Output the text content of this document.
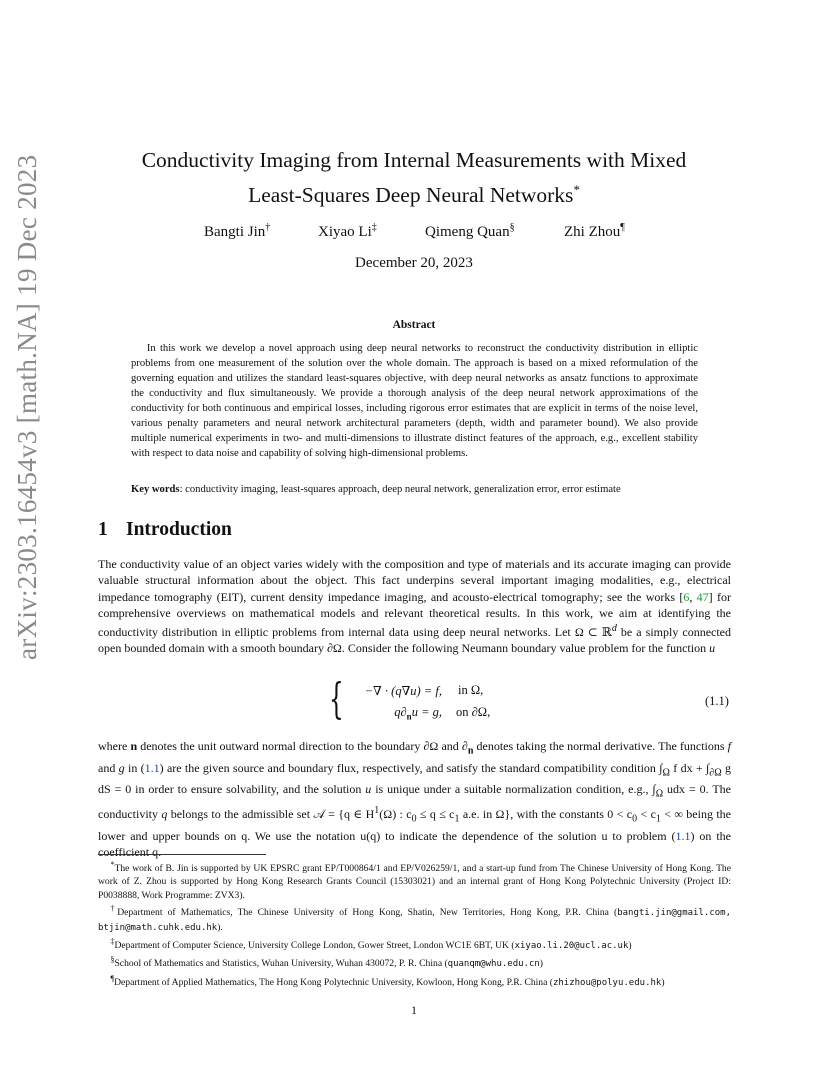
arXiv:2303.16454v3 [math.NA] 19 Dec 2023	Conductivity Imaging from Internal Measurements with Mixed
Least-Squares Deep Neural Networks*
Bangti Jin†	Xiyao Li‡	Qimeng Quan§	Zhi Zhou¶
December 20, 2023
Abstract
In this work we develop a novel approach using deep neural networks to reconstruct the conductivity distribution in elliptic problems from one measurement of the solution over the whole domain. The approach is based on a mixed reformulation of the governing equation and utilizes the standard least-squares objective, with deep neural networks as ansatz functions to approximate the conductivity and flux simultaneously. We provide a thorough analysis of the deep neural network approximations of the conductivity for both continuous and empirical losses, including rigorous error estimates that are explicit in terms of the noise level, various penalty parameters and neural network architectural parameters (depth, width and parameter bound). We also provide multiple numerical experiments in two- and multi-dimensions to illustrate distinct features of the approach, e.g., excellent stability with respect to data noise and capability of solving high-dimensional problems.
Key words: conductivity imaging, least-squares approach, deep neural network, generalization error, error estimate
1 Introduction
The conductivity value of an object varies widely with the composition and type of materials and its accurate imaging can provide valuable structural information about the object. This fact underpins several important imaging modalities, e.g., electrical impedance tomography (EIT), current density impedance imaging, and acousto-electrical tomography; see the works [6, 47] for comprehensive overviews on mathematical models and relevant theoretical results. In this work, we aim at identifying the conductivity distribution in elliptic problems from internal data using deep neural networks. Let Ω ⊂ ℝ$^d$ be a simply connected open bounded domain with a smooth boundary ∂Ω. Consider the following Neumann boundary value problem for the function u
{	−∇ · (q∇u) = f, in Ω,
$q\partial_nu = g$, on ∂Ω,
(1.1)
where n denotes the unit outward normal direction to the boundary ∂Ω and $\partial_n$ denotes taking the normal derivative. The functions f and g in (1.1) are the given source and boundary flux, respectively, and satisfy the standard compatibility condition $\int_\Omega$ f dx + $\int_{\partial\Omega}$ g dS = 0 in order to ensure solvability, and the solution u is unique under a suitable normalization condition, e.g., $\int_\Omega$ udx = 0. The conductivity q belongs to the admissible set 𝒜 = {q ∈ $H^1(\Omega)$ : $c_0 \le q \le c_1$ a.e. in Ω}, with the constants $0 < c_0 < c_1$ < ∞ being the lower and upper bounds on q. We use the notation u(q) to indicate the dependence of the solution u to problem (1.1) on the coefficient q.

*The work of B. Jin is supported by UK EPSRC grant EP/T000864/1 and EP/V026259/1, and a start-up fund from The Chinese University of Hong Kong. The work of Z. Zhou is supported by Hong Kong Research Grants Council (15303021) and an internal grant of Hong Kong Polytechnic University (Project ID: P0038888, Work Programme: ZVX3).

†Department of Mathematics, The Chinese University of Hong Kong, Shatin, New Territories, Hong Kong, P.R. China (bangti.jin@gmail.com, btjin@math.cuhk.edu.hk).

‡Department of Computer Science, University College London, Gower Street, London WC1E 6BT, UK (xiyao.li.20@ucl.ac.uk)

§School of Mathematics and Statistics, Wuhan University, Wuhan 430072, P. R. China (quanqm@whu.edu.cn)

¶Department of Applied Mathematics, The Hong Kong Polytechnic University, Kowloon, Hong Kong, P.R. China (zhizhou@polyu.edu.hk)

1
